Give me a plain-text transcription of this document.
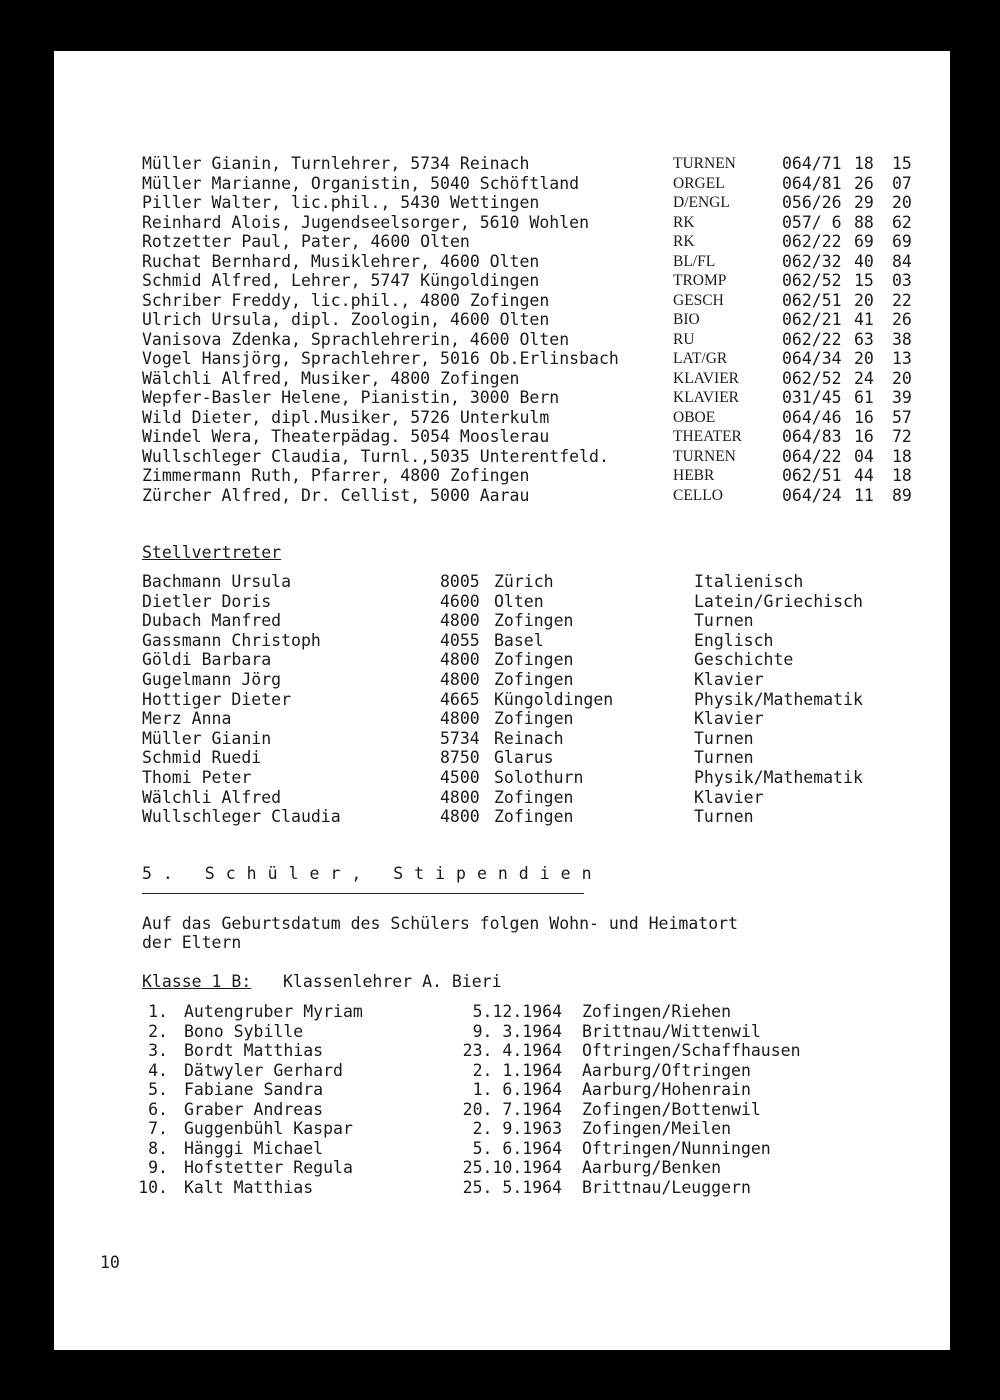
Müller Gianin, Turnlehrer, 5734 Reinach	TURNEN	064/71 18 15
Müller Marianne, Organistin, 5040 Schöftland	ORGEL	064/81 26 07
Piller Walter, lic.phil., 5430 Wettingen	D/ENGL	056/26 29 20
Reinhard Alois, Jugendseelsorger, 5610 Wohlen	RK	057/ 6 88 62
Rotzetter Paul, Pater, 4600 Olten	RK	062/22 69 69
Ruchat Bernhard, Musiklehrer, 4600 Olten	BL/FL	062/32 40 84
Schmid Alfred, Lehrer, 5747 Küngoldingen	TROMP	062/52 15 03
Schriber Freddy, lic.phil., 4800 Zofingen	GESCH	062/51 20 22
Ulrich Ursula, dipl. Zoologin, 4600 Olten	BIO	062/21 41 26
Vanisova Zdenka, Sprachlehrerin, 4600 Olten	RU	062/22 63 38
Vogel Hansjörg, Sprachlehrer, 5016 Ob.Erlinsbach	LAT/GR	064/34 20 13
Wälchli Alfred, Musiker, 4800 Zofingen	KLAVIER	062/52 24 20
Wepfer-Basler Helene, Pianistin, 3000 Bern	KLAVIER	031/45 61 39
Wild Dieter, dipl.Musiker, 5726 Unterkulm	OBOE	064/46 16 57
Windel Wera, Theaterpädag. 5054 Mooslerau	THEATER 064/83 16 72
Wullschleger Claudia, Turnl.,5035 Unterentfeld.	TURNEN	064/22 04 18
Zimmermann Ruth, Pfarrer, 4800 Zofingen	HEBR	062/51 44 18
Zürcher Alfred, Dr. Cellist, 5000 Aarau	CELLO	064/24 11 89
Stellvertreter
Bachmann Ursula	8005 Zürich	Italienisch
Dietler Doris	4600 Olten	Latein/Griechisch
Dubach Manfred	4800 Zofingen	Turnen
Gassmann Christoph	4055 Basel	Englisch
Göldi Barbara	4800 Zofingen	Geschichte
Gugelmann Jörg	4800 Zofingen	Klavier
Hottiger Dieter	4665 Küngoldingen	Physik/Mathematik
Merz Anna	4800 Zofingen	Klavier
Müller Gianin	5734 Reinach	Turnen
Schmid Ruedi	8750 Glarus	Turnen
Thomi Peter	4500 Solothurn	Physik/Mathematik
Wälchli Alfred	4800 Zofingen	Klavier
Wullschleger Claudia	4800 Zofingen	Turnen
5. Schüler, Stipendien
Auf das Geburtsdatum des Schülers folgen Wohn- und Heimatort
der Eltern
Klasse 1 B: Klassenlehrer A. Bieri
1. Autengruber Myriam	5.12.1964 Zofingen/Riehen
2. Bono Sybille	9. 3.1964 Brittnau/Wittenwil
3. Bordt Matthias	23. 4.1964 Oftringen/Schaffhausen
4. Dätwyler Gerhard	2. 1.1964 Aarburg/Oftringen
5. Fabiane Sandra	1. 6.1964 Aarburg/Hohenrain
6. Graber Andreas	20. 7.1964 Zofingen/Bottenwil
7. Guggenbühl Kaspar	2. 9.1963 Zofingen/Meilen
8. Hänggi Michael	5. 6.1964 Oftringen/Nunningen
9. Hofstetter Regula	25.10.1964 Aarburg/Benken
10. Kalt Matthias	25. 5.1964 Brittnau/Leuggern
10
